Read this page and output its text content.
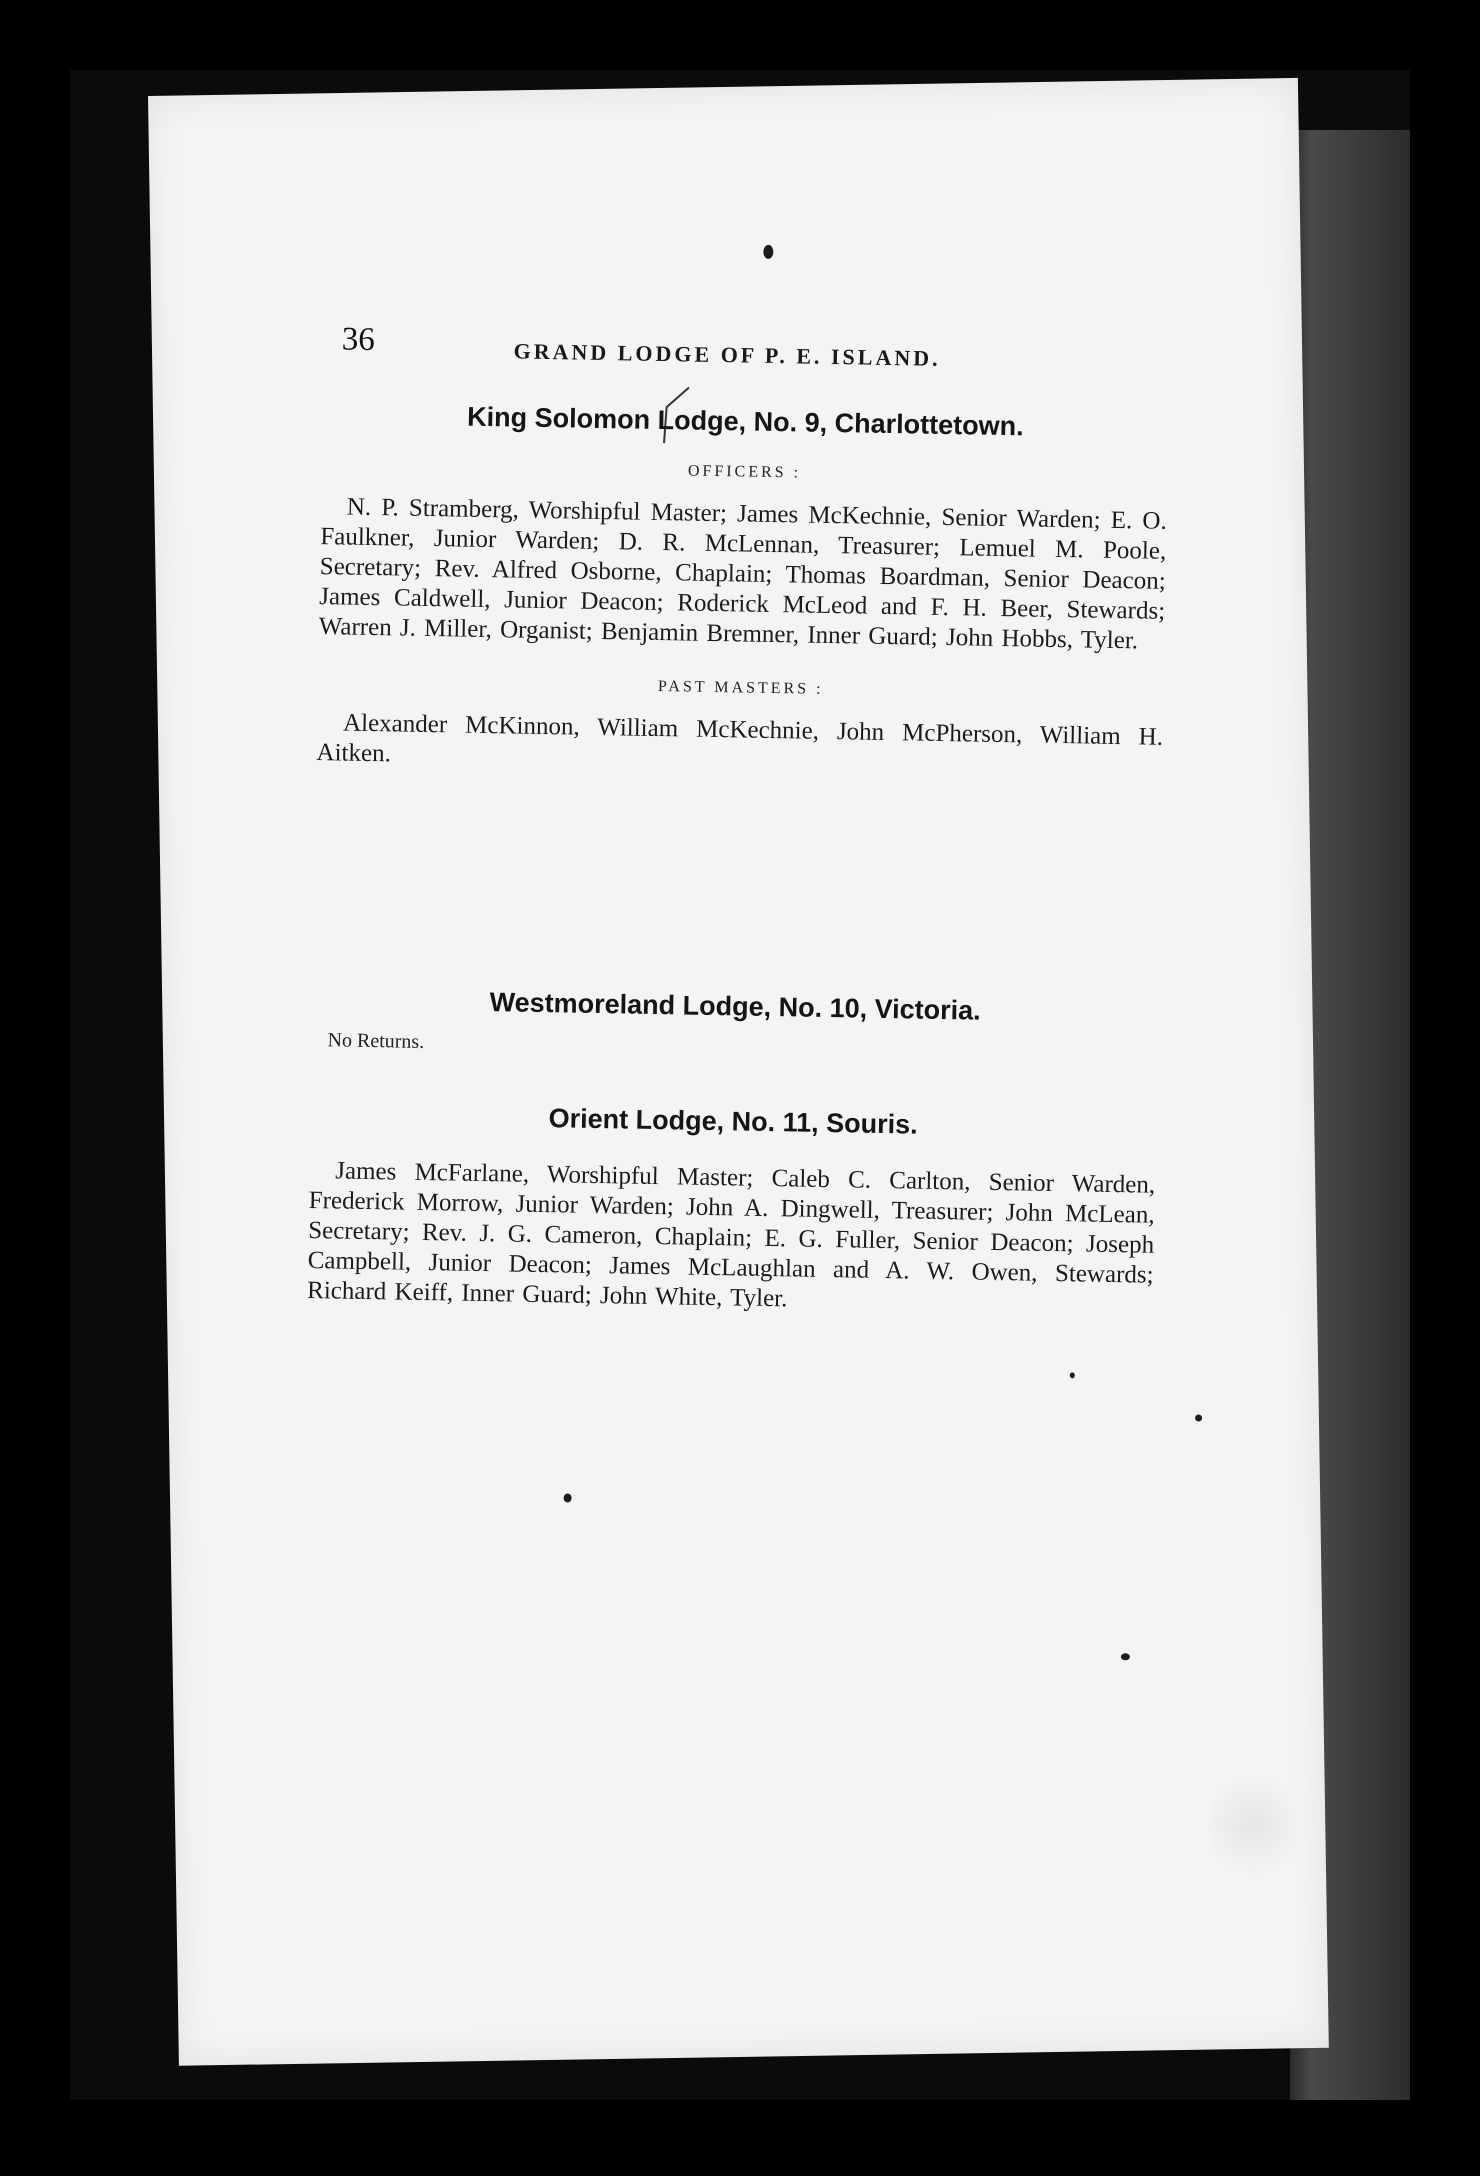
36	GRAND LODGE OF P. E. ISLAND.
King Solomon Lodge, No. 9, Charlottetown.
OFFICERS :

N. P. Stramberg, Worshipful Master; James McKechnie, Senior Warden; E. O. Faulkner, Junior Warden; D. R. McLennan, Treasurer; Lemuel M. Poole, Secretary; Rev. Alfred Osborne, Chaplain; Thomas Boardman, Senior Deacon; James Caldwell, Junior Deacon; Roderick McLeod and F. H. Beer, Stewards; Warren J. Miller, Organist; Benjamin Bremner, Inner Guard; John Hobbs, Tyler.

PAST MASTERS :

Alexander McKinnon, William McKechnie, John McPherson, William H. Aitken.

Westmoreland Lodge, No. 10, Victoria.
No Returns.
Orient Lodge, No. 11, Souris.

James McFarlane, Worshipful Master; Caleb C. Carlton, Senior Warden, Frederick Morrow, Junior Warden; John A. Dingwell, Treasurer; John McLean, Secretary; Rev. J. G. Cameron, Chaplain; E. G. Fuller, Senior Deacon; Joseph Campbell, Junior Deacon; James McLaughlan and A. W. Owen, Stewards; Richard Keiff, Inner Guard; John White, Tyler.
